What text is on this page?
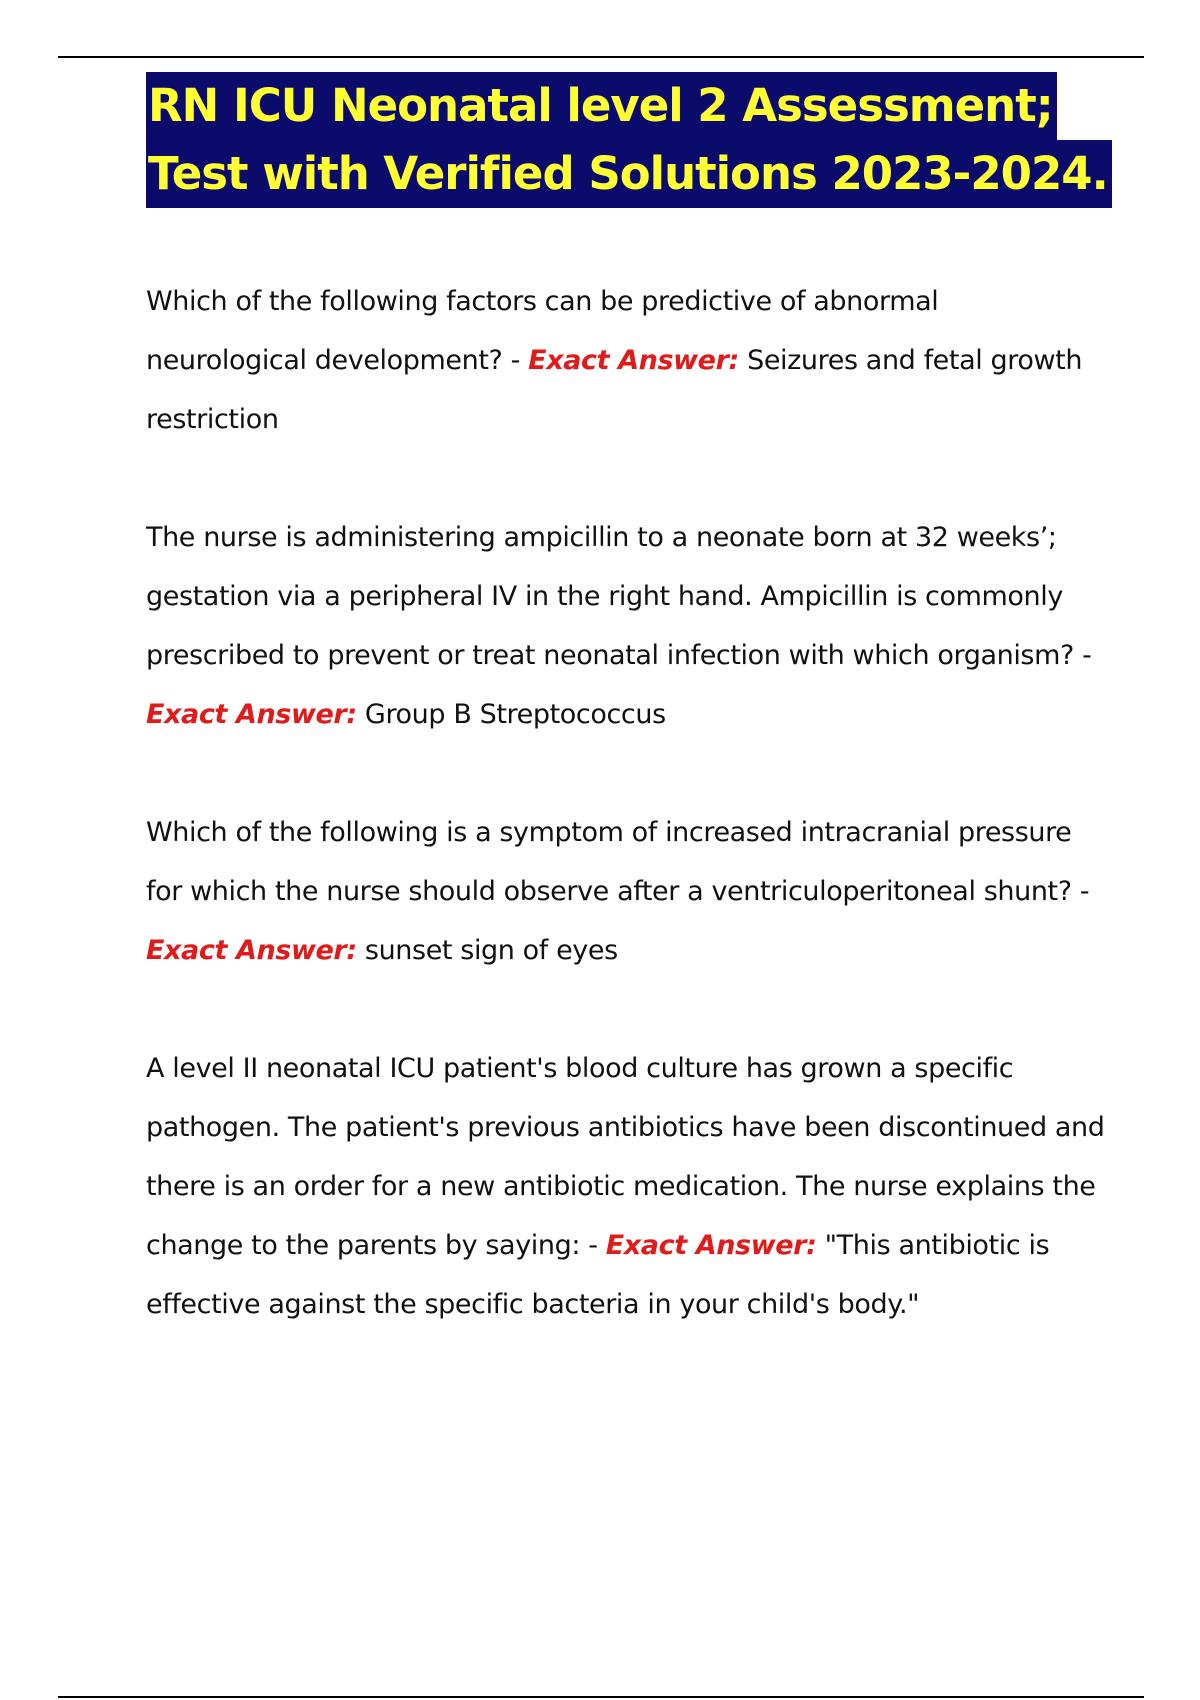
RN ICU Neonatal level 2 Assessment;
Test with Verified Solutions 2023-2024.

Which of the following factors can be predictive of abnormal neurological development? - Exact Answer: Seizures and fetal growth restriction

The nurse is administering ampicillin to a neonate born at 32 weeks’; gestation via a peripheral IV in the right hand. Ampicillin is commonly prescribed to prevent or treat neonatal infection with which organism? - Exact Answer: Group B Streptococcus

Which of the following is a symptom of increased intracranial pressure for which the nurse should observe after a ventriculoperitoneal shunt? - Exact Answer: sunset sign of eyes

A level II neonatal ICU patient's blood culture has grown a specific pathogen. The patient's previous antibiotics have been discontinued and there is an order for a new antibiotic medication. The nurse explains the change to the parents by saying: - Exact Answer: "This antibiotic is effective against the specific bacteria in your child's body."
